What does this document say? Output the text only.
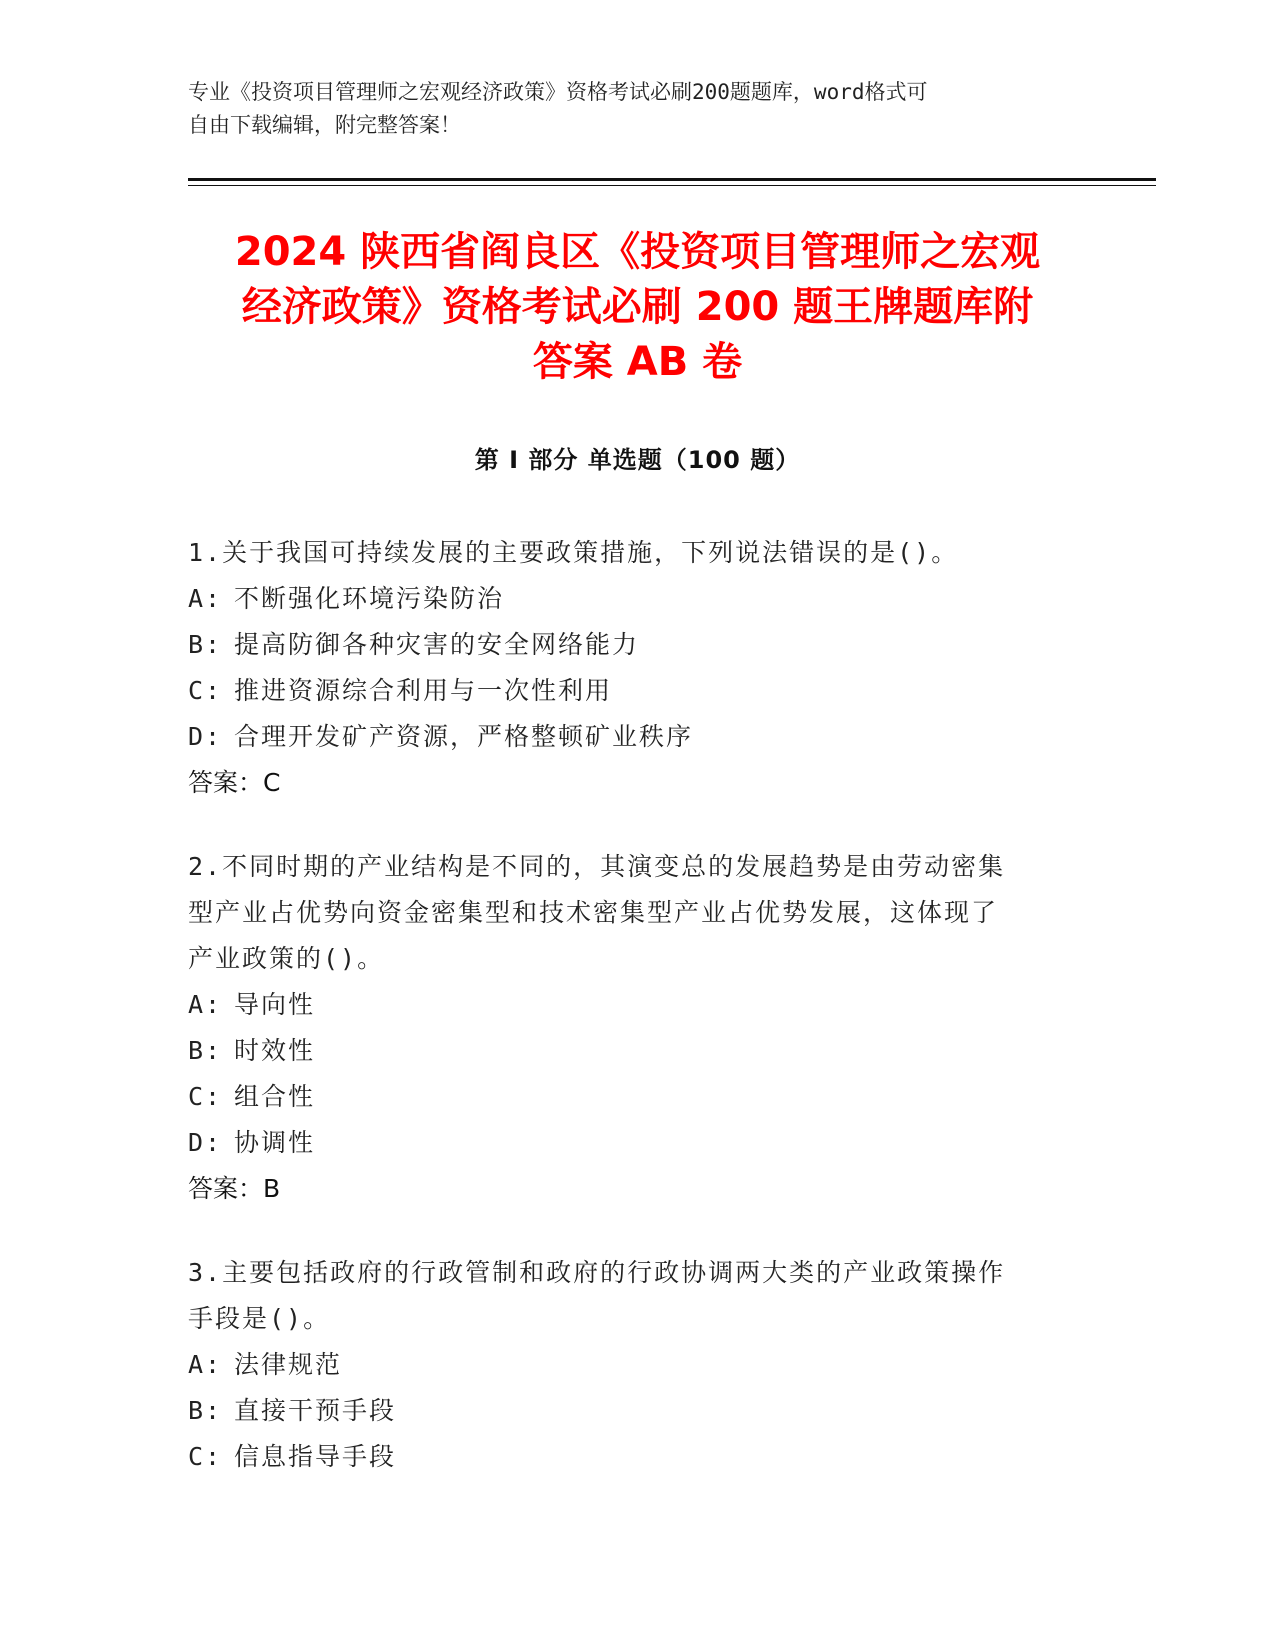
专业《投资项目管理师之宏观经济政策》资格考试必刷200题题库，word格式可
自由下载编辑，附完整答案！
2024 陕西省阎良区《投资项目管理师之宏观
经济政策》资格考试必刷 200 题王牌题库附
答案 AB 卷
第 I 部分 单选题（100 题）
1.关于我国可持续发展的主要政策措施，下列说法错误的是()。
A: 不断强化环境污染防治
B: 提高防御各种灾害的安全网络能力
C: 推进资源综合利用与一次性利用
D: 合理开发矿产资源，严格整顿矿业秩序
答案：C
2.不同时期的产业结构是不同的，其演变总的发展趋势是由劳动密集
型产业占优势向资金密集型和技术密集型产业占优势发展，这体现了
产业政策的()。
A: 导向性
B: 时效性
C: 组合性
D: 协调性
答案：B
3.主要包括政府的行政管制和政府的行政协调两大类的产业政策操作
手段是()。
A: 法律规范
B: 直接干预手段
C: 信息指导手段
